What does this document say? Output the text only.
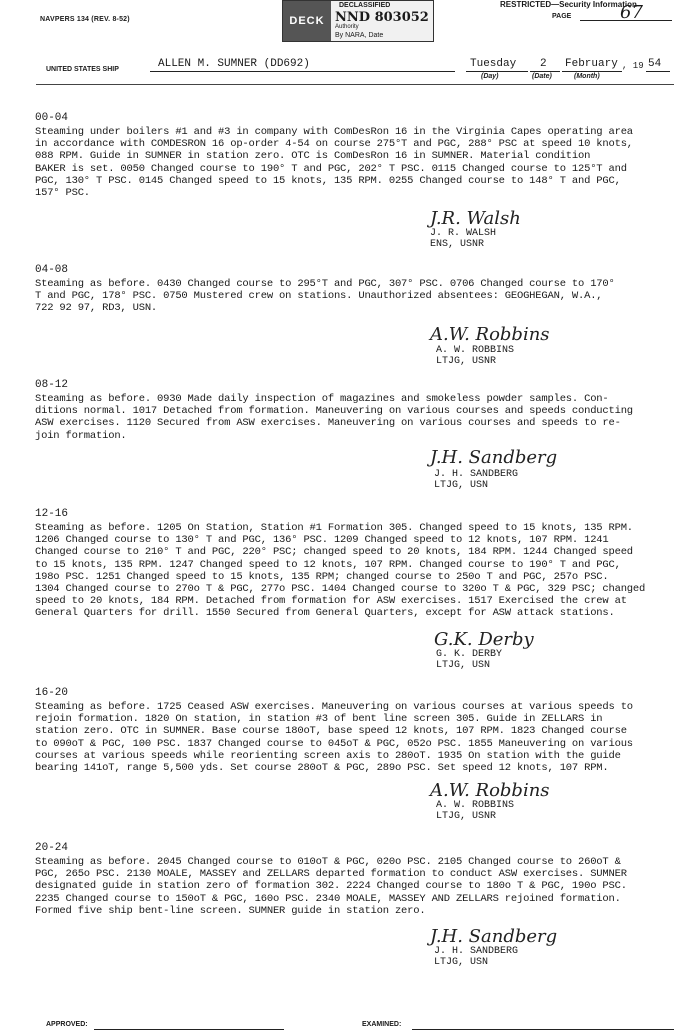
NAVPERS 134 (REV. 8-52)	DECK
DECLASSIFIED
NND 803052
Authority
By NARA, Date
RESTRICTED—Security Information
PAGE	67
UNITED STATES SHIP	ALLEN M. SUMNER (DD692)	Tuesday
(Day)
2
(Date)
February
(Month)
, 19 54
00-04
Steaming under boilers #1 and #3 in company with ComDesRon 16 in the Virginia Capes operating area
in accordance with COMDESRON 16 op-order 4-54 on course 275°T and PGC, 288° PSC at speed 10 knots,
088 RPM. Guide in SUMNER in station zero. OTC is ComDesRon 16 in SUMNER. Material condition
BAKER is set. 0050 Changed course to 190° T and PGC, 202° T PSC. 0115 Changed course to 125°T and
PGC, 130° T PSC. 0145 Changed speed to 15 knots, 135 RPM. 0255 Changed course to 148° T and PGC,
157° PSC.
J.R. Walsh
J. R. WALSH
ENS, USNR
04-08
Steaming as before. 0430 Changed course to 295°T and PGC, 307° PSC. 0706 Changed course to 170°
T and PGC, 178° PSC. 0750 Mustered crew on stations. Unauthorized absentees: GEOGHEGAN, W.A.,
722 92 97, RD3, USN.
A.W. Robbins
A. W. ROBBINS
LTJG, USNR
08-12
Steaming as before. 0930 Made daily inspection of magazines and smokeless powder samples. Con-
ditions normal. 1017 Detached from formation. Maneuvering on various courses and speeds conducting
ASW exercises. 1120 Secured from ASW exercises. Maneuvering on various courses and speeds to re-
join formation.
J.H. Sandberg
J. H. SANDBERG
LTJG, USN
12-16
Steaming as before. 1205 On Station, Station #1 Formation 305. Changed speed to 15 knots, 135 RPM.
1206 Changed course to 130° T and PGC, 136° PSC. 1209 Changed speed to 12 knots, 107 RPM. 1241
Changed course to 210° T and PGC, 220° PSC; changed speed to 20 knots, 184 RPM. 1244 Changed speed
to 15 knots, 135 RPM. 1247 Changed speed to 12 knots, 107 RPM. Changed course to 190° T and PGC,
198o PSC. 1251 Changed speed to 15 knots, 135 RPM; changed course to 250o T and PGC, 257o PSC.
1304 Changed course to 270o T & PGC, 277o PSC. 1404 Changed course to 320o T & PGC, 329 PSC; changed
speed to 20 knots, 184 RPM. Detached from formation for ASW exercises. 1517 Exercised the crew at
General Quarters for drill. 1550 Secured from General Quarters, except for ASW attack stations.
G.K. Derby
G. K. DERBY
LTJG, USN
16-20
Steaming as before. 1725 Ceased ASW exercises. Maneuvering on various courses at various speeds to
rejoin formation. 1820 On station, in station #3 of bent line screen 305. Guide in ZELLARS in
station zero. OTC in SUMNER. Base course 180oT, base speed 12 knots, 107 RPM. 1823 Changed course
to 090oT & PGC, 100 PSC. 1837 Changed course to 045oT & PGC, 052o PSC. 1855 Maneuvering on various
courses at various speeds while reorienting screen axis to 280oT. 1935 On station with the guide
bearing 141oT, range 5,500 yds. Set course 280oT & PGC, 289o PSC. Set speed 12 knots, 107 RPM.
A.W. Robbins
A. W. ROBBINS
LTJG, USNR
20-24
Steaming as before. 2045 Changed course to 010oT & PGC, 020o PSC. 2105 Changed course to 260oT &
PGC, 265o PSC. 2130 MOALE, MASSEY and ZELLARS departed formation to conduct ASW exercises. SUMNER
designated guide in station zero of formation 302. 2224 Changed course to 180o T & PGC, 190o PSC.
2235 Changed course to 150oT & PGC, 160o PSC. 2340 MOALE, MASSEY AND ZELLARS rejoined formation.
Formed five ship bent-line screen. SUMNER guide in station zero.
J.H. Sandberg
J. H. SANDBERG
LTJG, USN
APPROVED:	EXAMINED:
